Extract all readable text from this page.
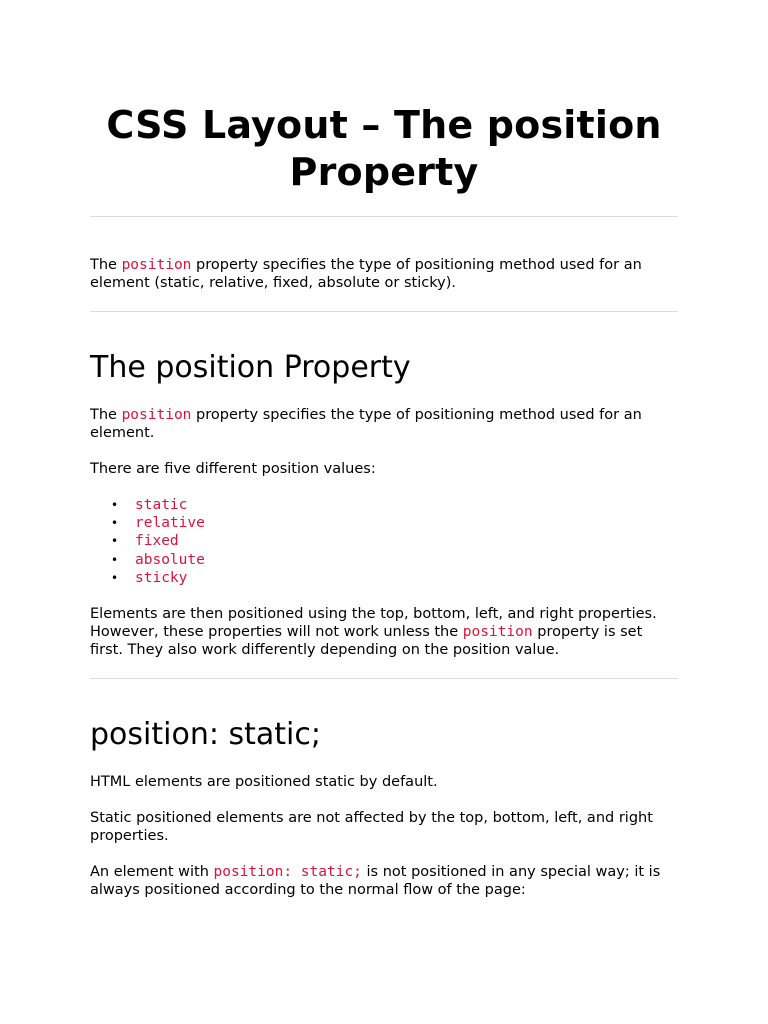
CSS Layout – The position Property

The position property specifies the type of positioning method used for an element (static, relative, fixed, absolute or sticky).

The position Property

The position property specifies the type of positioning method used for an element.

There are five different position values:

• static
• relative
• fixed
• absolute
• sticky

Elements are then positioned using the top, bottom, left, and right properties. However, these properties will not work unless the position property is set first. They also work differently depending on the position value.

position: static;

HTML elements are positioned static by default.

Static positioned elements are not affected by the top, bottom, left, and right properties.

An element with position: static; is not positioned in any special way; it is always positioned according to the normal flow of the page:
